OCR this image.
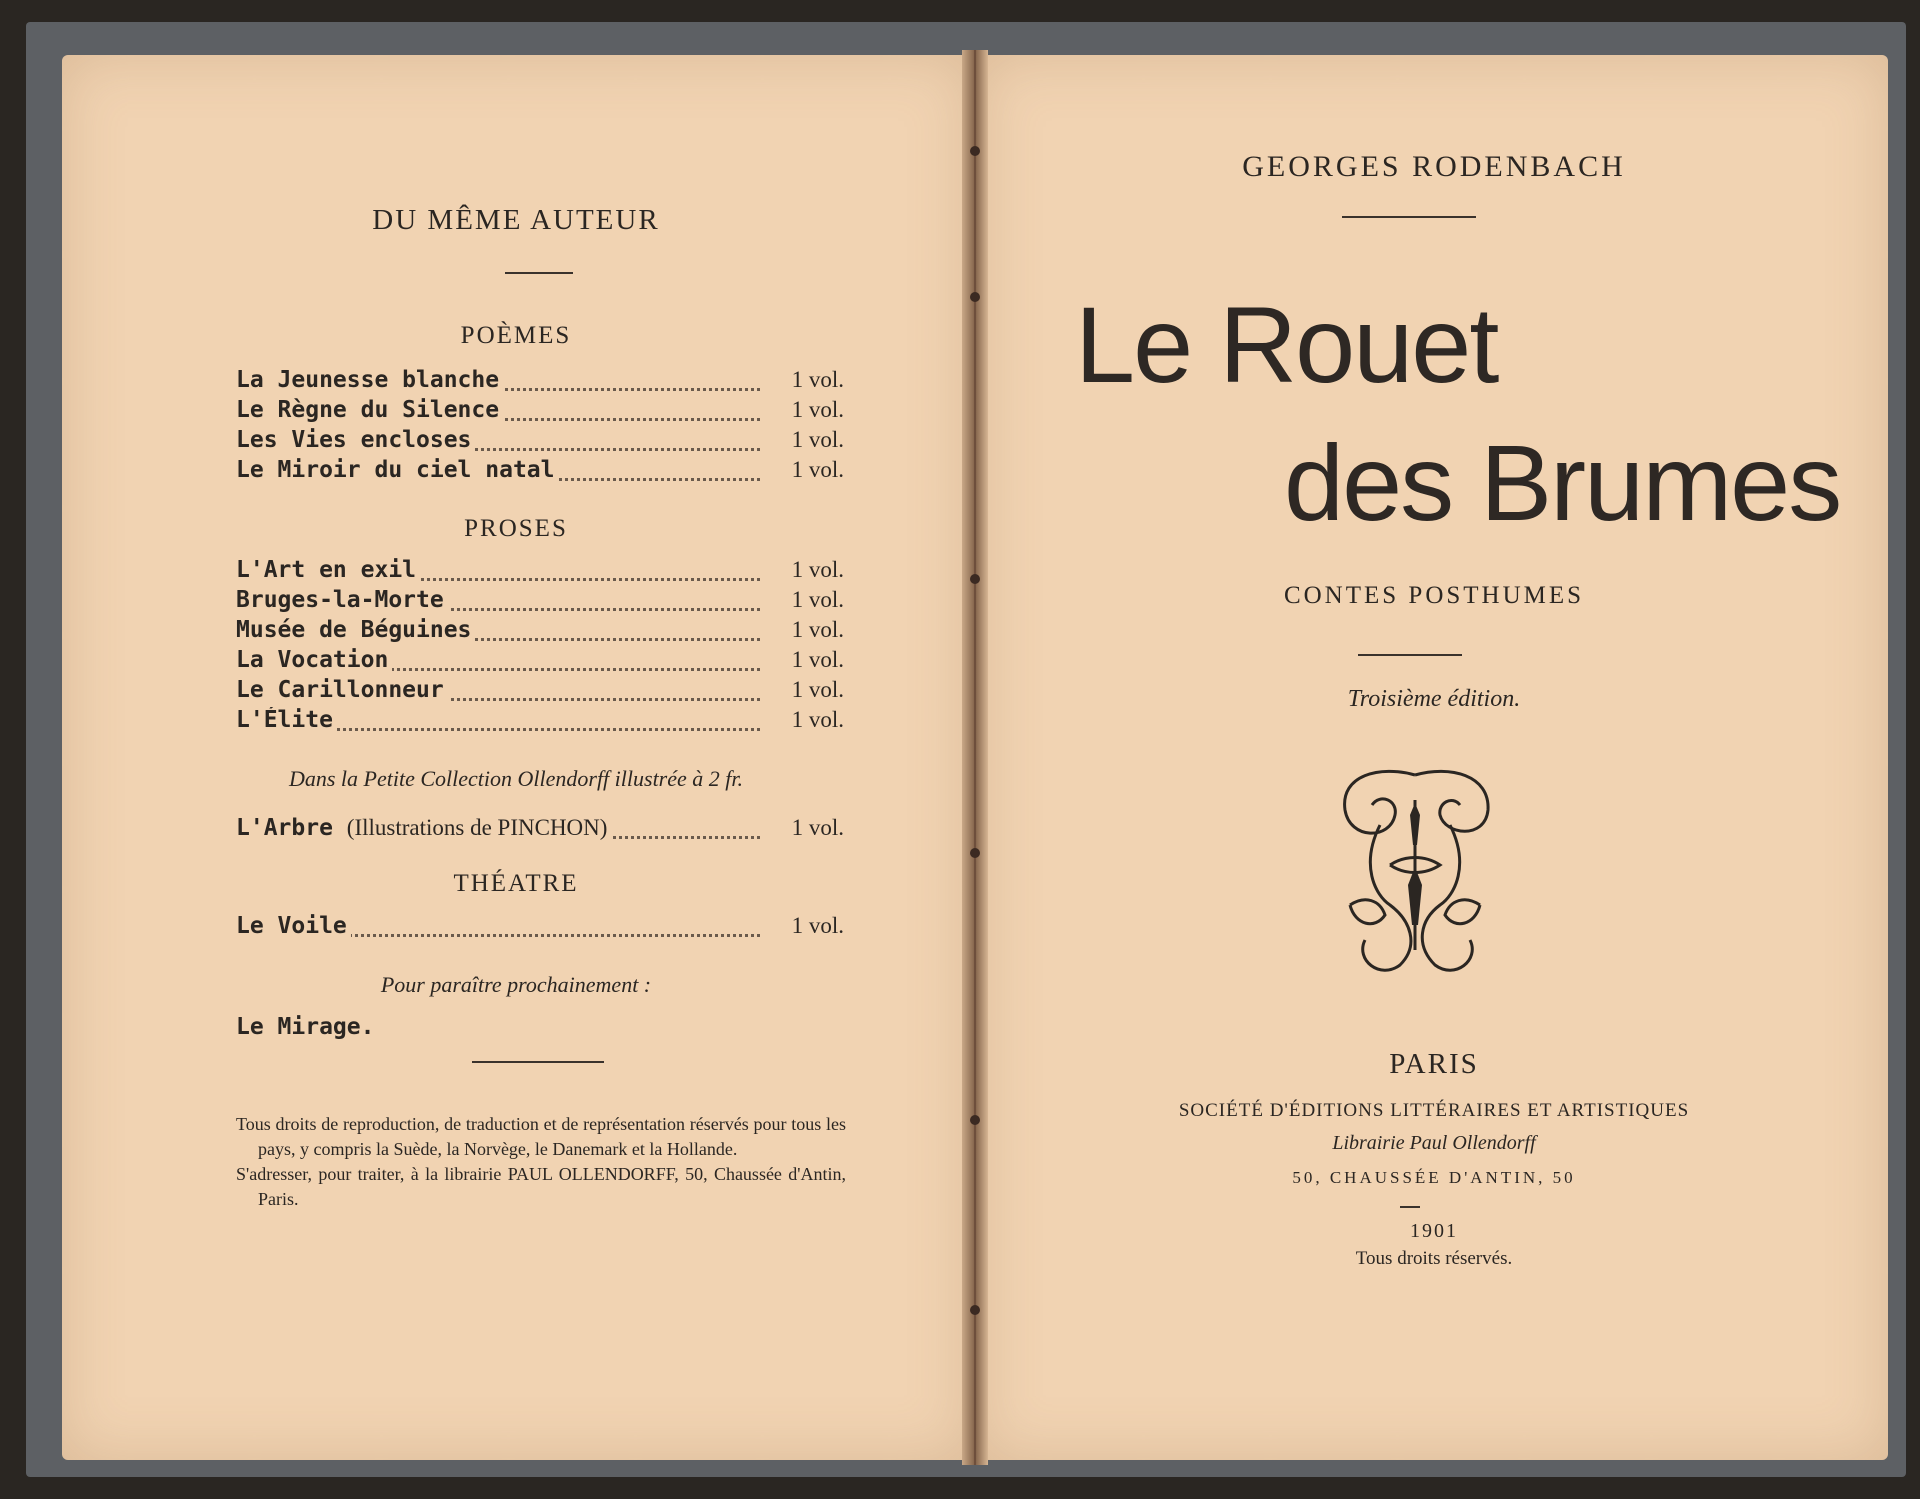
DU MÊME AUTEUR
POÈMES
La Jeunesse blanche	1 vol.
Le Règne du Silence	1 vol.
Les Vies encloses	1 vol.
Le Miroir du ciel natal	1 vol.
PROSES
L'Art en exil	1 vol.
Bruges-la-Morte	1 vol.
Musée de Béguines	1 vol.
La Vocation	1 vol.
Le Carillonneur	1 vol.
L'Élite	1 vol.
Dans la Petite Collection Ollendorff illustrée à 2 fr.
L'Arbre (Illustrations de PINCHON)	1 vol.
THÉATRE
Le Voile	1 vol.
Pour paraître prochainement :
Le Mirage.

Tous droits de reproduction, de traduction et de représentation réservés pour tous les pays, y compris la Suède, la Norvège, le Danemark et la Hollande.

S'adresser, pour traiter, à la librairie PAUL OLLENDORFF, 50, Chaussée d'Antin, Paris.

GEORGES RODENBACH
Le Rouet
des Brumes
CONTES POSTHUMES
Troisième édition.
PARIS
SOCIÉTÉ D'ÉDITIONS LITTÉRAIRES ET ARTISTIQUES
Librairie Paul Ollendorff
50, CHAUSSÉE D'ANTIN, 50
1901
Tous droits réservés.
